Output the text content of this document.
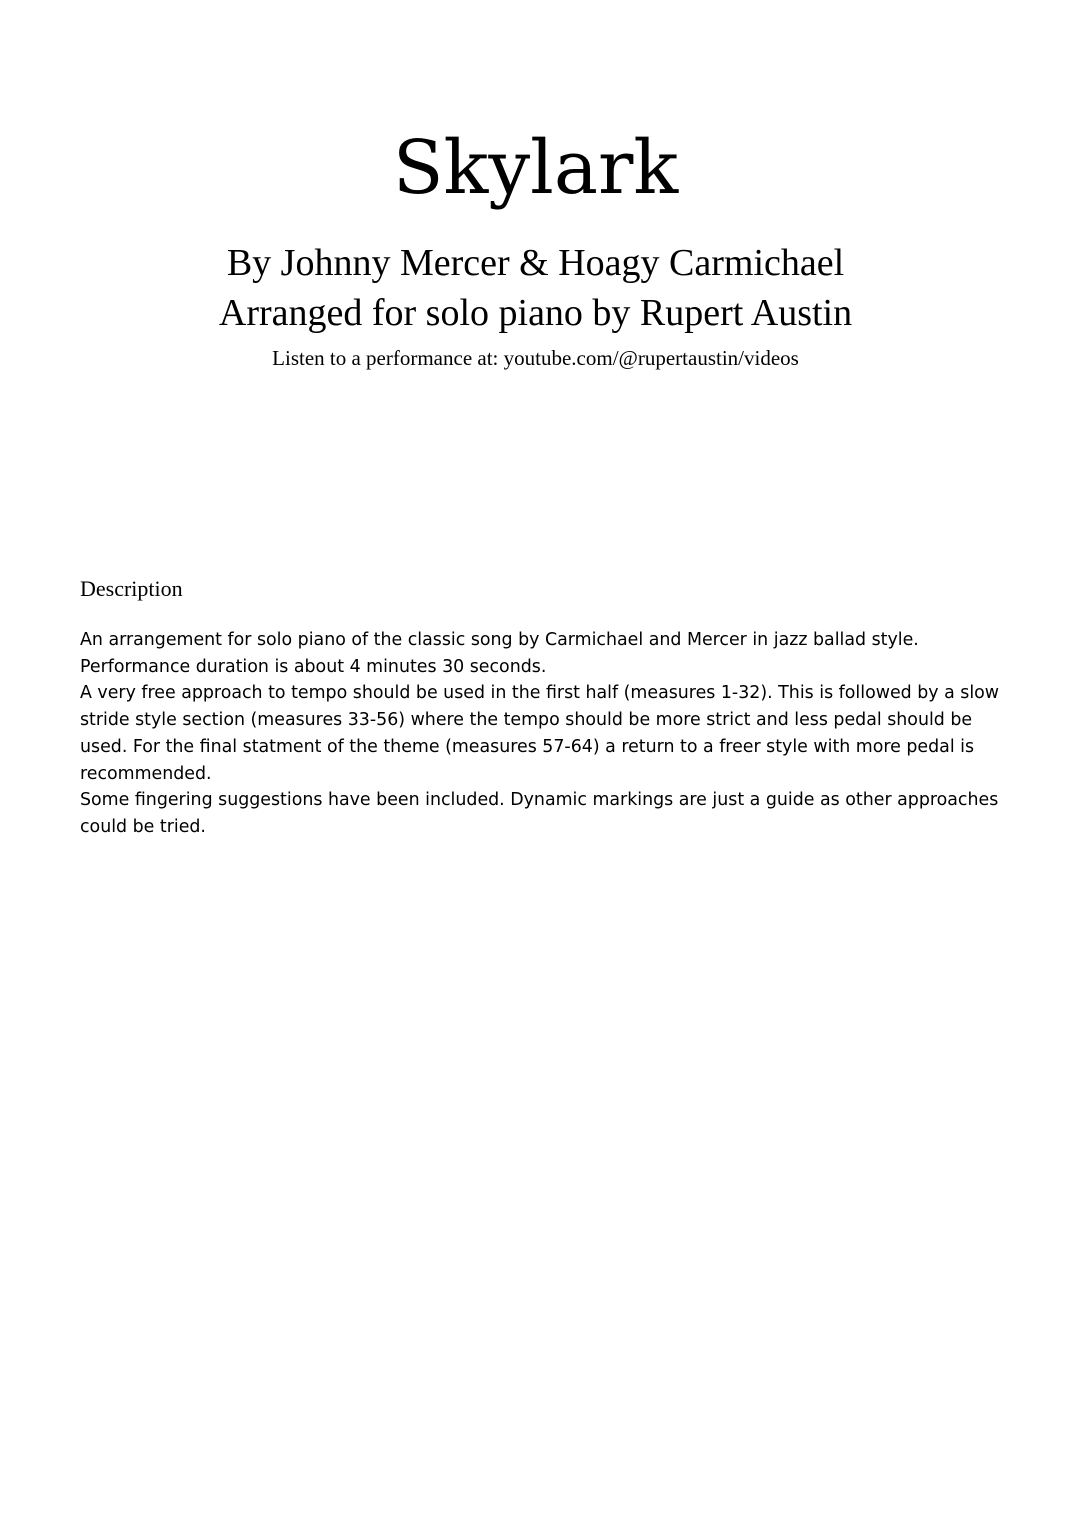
Skylark
By Johnny Mercer & Hoagy Carmichael
Arranged for solo piano by Rupert Austin
Listen to a performance at: youtube.com/@rupertaustin/videos
Description
An arrangement for solo piano of the classic song by Carmichael and Mercer in jazz ballad style.
Performance duration is about 4 minutes 30 seconds.
A very free approach to tempo should be used in the first half (measures 1-32). This is followed by a slow
stride style section (measures 33-56) where the tempo should be more strict and less pedal should be
used. For the final statment of the theme (measures 57-64) a return to a freer style with more pedal is
recommended.
Some fingering suggestions have been included. Dynamic markings are just a guide as other approaches
could be tried.
